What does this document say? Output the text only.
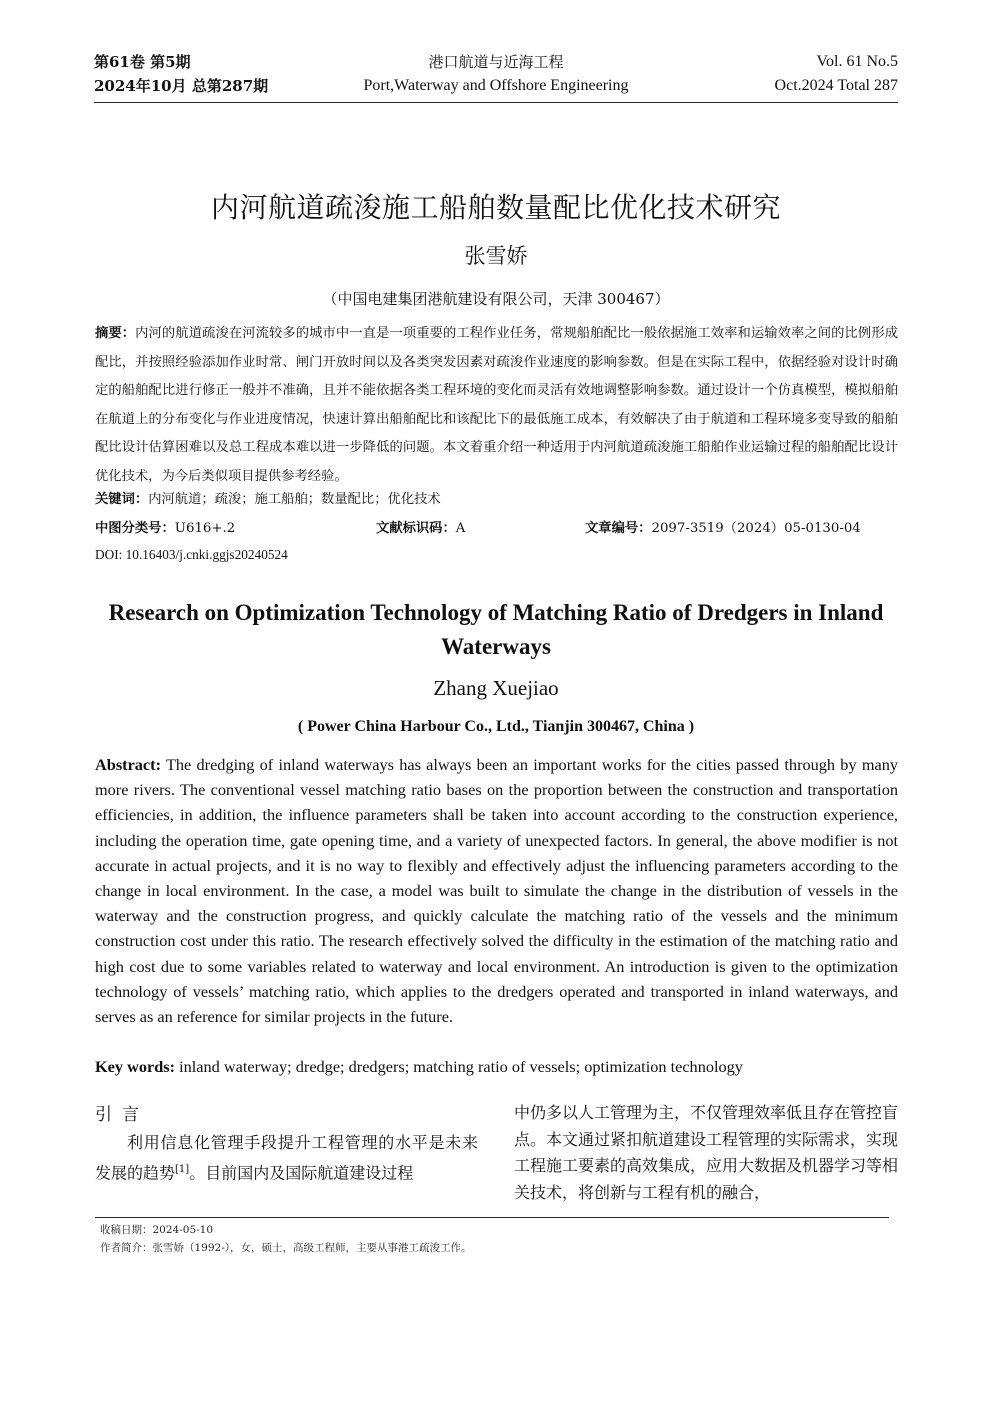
第61卷 第5期
2024年10月 总第287期
港口航道与近海工程
Port,Waterway and Offshore Engineering
Vol. 61 No.5
Oct.2024 Total 287
内河航道疏浚施工船舶数量配比优化技术研究
张雪娇
（中国电建集团港航建设有限公司，天津 300467）
摘要：内河的航道疏浚在河流较多的城市中一直是一项重要的工程作业任务，常规船舶配比一般依据施工效率和运输效率之间的比例形成配比，并按照经验添加作业时常、闸门开放时间以及各类突发因素对疏浚作业速度的影响参数。但是在实际工程中，依据经验对设计时确定的船舶配比进行修正一般并不准确，且并不能依据各类工程环境的变化而灵活有效地调整影响参数。通过设计一个仿真模型，模拟船舶在航道上的分布变化与作业进度情况，快速计算出船舶配比和该配比下的最低施工成本，有效解决了由于航道和工程环境多变导致的船舶配比设计估算困难以及总工程成本难以进一步降低的问题。本文着重介绍一种适用于内河航道疏浚施工船舶作业运输过程的船舶配比设计优化技术，为今后类似项目提供参考经验。
关键词：内河航道；疏浚；施工船舶；数量配比；优化技术
中图分类号：U616+.2	文献标识码：A	文章编号：2097-3519（2024）05-0130-04
DOI: 10.16403/j.cnki.ggjs20240524
Research on Optimization Technology of Matching Ratio of Dredgers in Inland Waterways
Zhang Xuejiao
( Power China Harbour Co., Ltd., Tianjin 300467, China )
Abstract: The dredging of inland waterways has always been an important works for the cities passed through by many more rivers. The conventional vessel matching ratio bases on the proportion between the construction and transportation efficiencies, in addition, the influence parameters shall be taken into account according to the construction experience, including the operation time, gate opening time, and a variety of unexpected factors. In general, the above modifier is not accurate in actual projects, and it is no way to flexibly and effectively adjust the influencing parameters according to the change in local environment. In the case, a model was built to simulate the change in the distribution of vessels in the waterway and the construction progress, and quickly calculate the matching ratio of the vessels and the minimum construction cost under this ratio. The research effectively solved the difficulty in the estimation of the matching ratio and high cost due to some variables related to waterway and local environment. An introduction is given to the optimization technology of vessels’ matching ratio, which applies to the dredgers operated and transported in inland waterways, and serves as an reference for similar projects in the future.
Key words: inland waterway; dredge; dredgers; matching ratio of vessels; optimization technology
引言
利用信息化管理手段提升工程管理的水平是未来发展的趋势[1]。目前国内及国际航道建设过程
中仍多以人工管理为主，不仅管理效率低且存在管控盲点。本文通过紧扣航道建设工程管理的实际需求，实现工程施工要素的高效集成，应用大数据及机器学习等相关技术，将创新与工程有机的融合，
收稿日期：2024-05-10
作者简介：张雪娇（1992-），女，硕士，高级工程师，主要从事港工疏浚工作。
